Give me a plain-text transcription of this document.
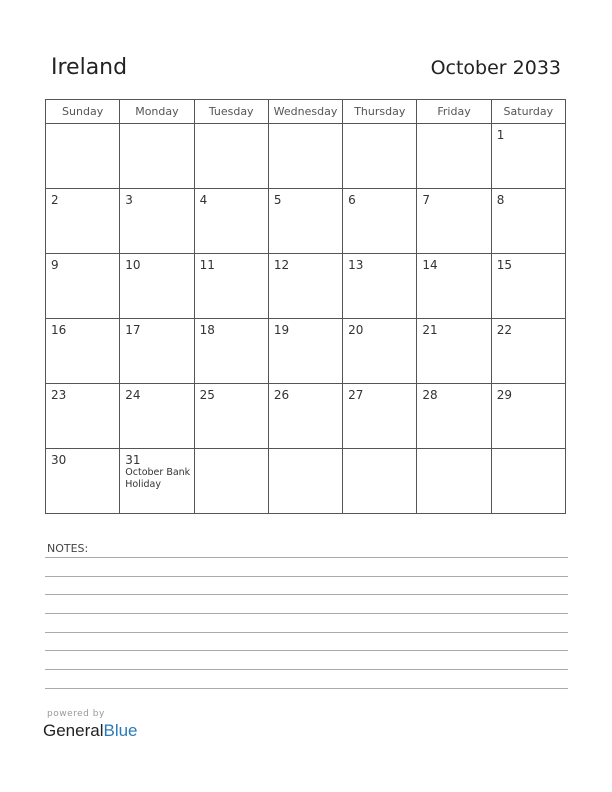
Ireland	October 2033
Sunday	Monday	Tuesday	Wednesday	Thursday	Friday	Saturday

						1

2	3	4	5	6	7	8

9	10	11	12	13	14	15

16	17	18	19	20	21	22

23	24	25	26	27	28	29

30	31
October Bank Holiday					

NOTES:
powered by
GeneralBlue
